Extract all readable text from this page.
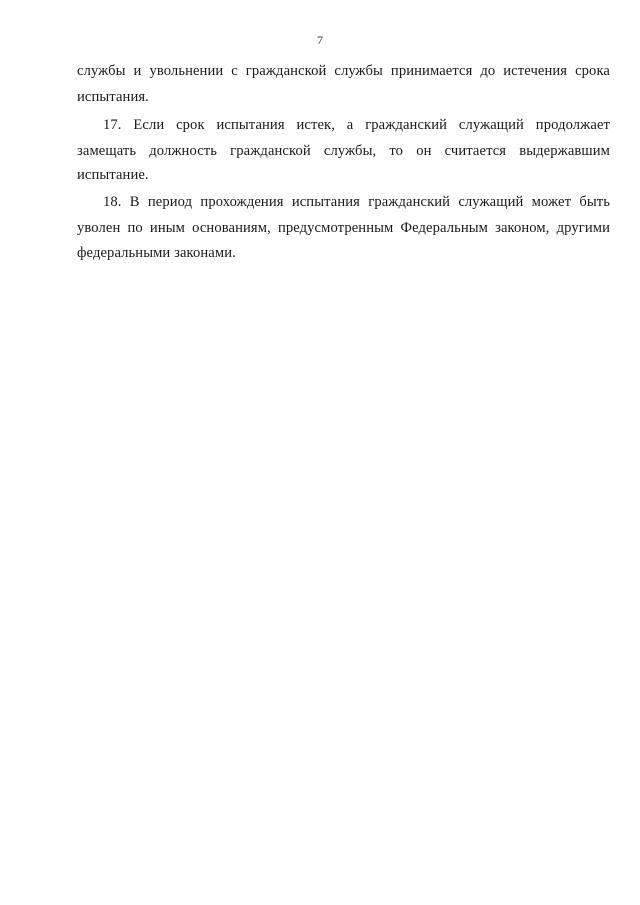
7
службы и увольнении с гражданской службы принимается до истечения срока
испытания.
17. Если срок испытания истек, а гражданский служащий продолжает
замещать должность гражданской службы, то он считается выдержавшим
испытание.
18. В период прохождения испытания гражданский служащий может быть
уволен по иным основаниям, предусмотренным Федеральным законом, другими
федеральными законами.
